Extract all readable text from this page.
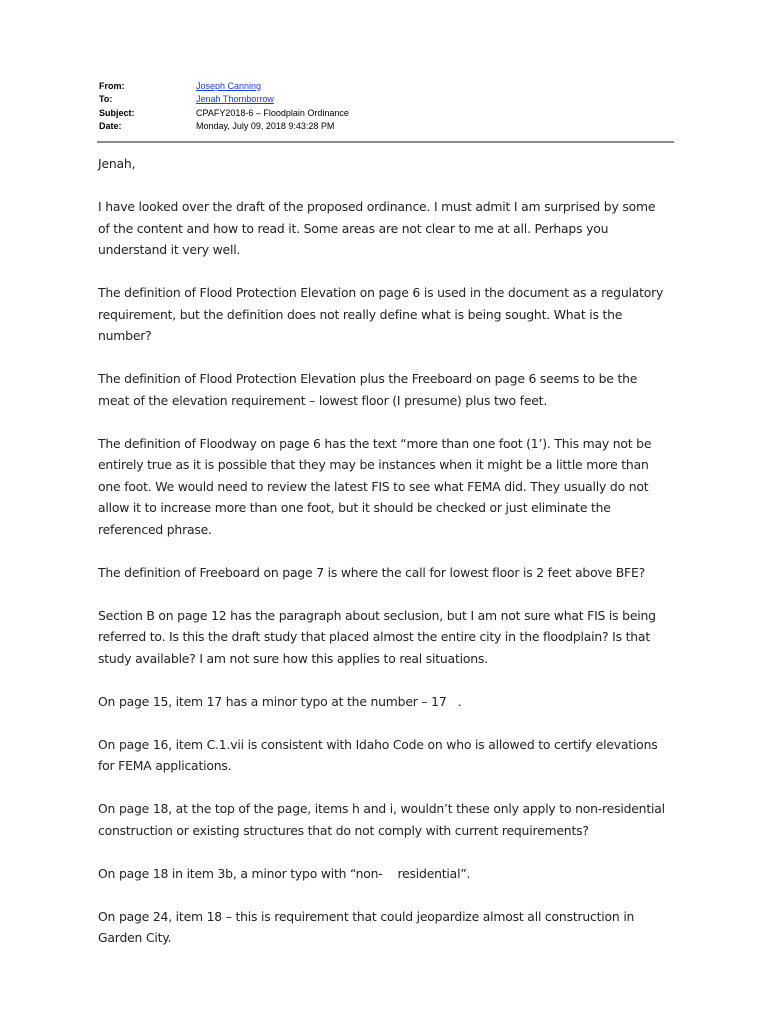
From:	Joseph Canning
To:	Jenah Thornborrow
Subject:	CPAFY2018-6 – Floodplain Ordinance
Date:	Monday, July 09, 2018 9:43:28 PM

Jenah,

I have looked over the draft of the proposed ordinance. I must admit I am surprised by some of the content and how to read it. Some areas are not clear to me at all. Perhaps you understand it very well.

The definition of Flood Protection Elevation on page 6 is used in the document as a regulatory requirement, but the definition does not really define what is being sought. What is the number?

The definition of Flood Protection Elevation plus the Freeboard on page 6 seems to be the meat of the elevation requirement – lowest floor (I presume) plus two feet.

The definition of Floodway on page 6 has the text “more than one foot (1’). This may not be entirely true as it is possible that they may be instances when it might be a little more than one foot. We would need to review the latest FIS to see what FEMA did. They usually do not allow it to increase more than one foot, but it should be checked or just eliminate the referenced phrase.

The definition of Freeboard on page 7 is where the call for lowest floor is 2 feet above BFE?

Section B on page 12 has the paragraph about seclusion, but I am not sure what FIS is being referred to. Is this the draft study that placed almost the entire city in the floodplain? Is that study available? I am not sure how this applies to real situations.

On page 15, item 17 has a minor typo at the number – 17   .

On page 16, item C.1.vii is consistent with Idaho Code on who is allowed to certify elevations for FEMA applications.

On page 18, at the top of the page, items h and i, wouldn’t these only apply to non-residential construction or existing structures that do not comply with current requirements?

On page 18 in item 3b, a minor typo with “non-    residential”.

On page 24, item 18 – this is requirement that could jeopardize almost all construction in Garden City.
